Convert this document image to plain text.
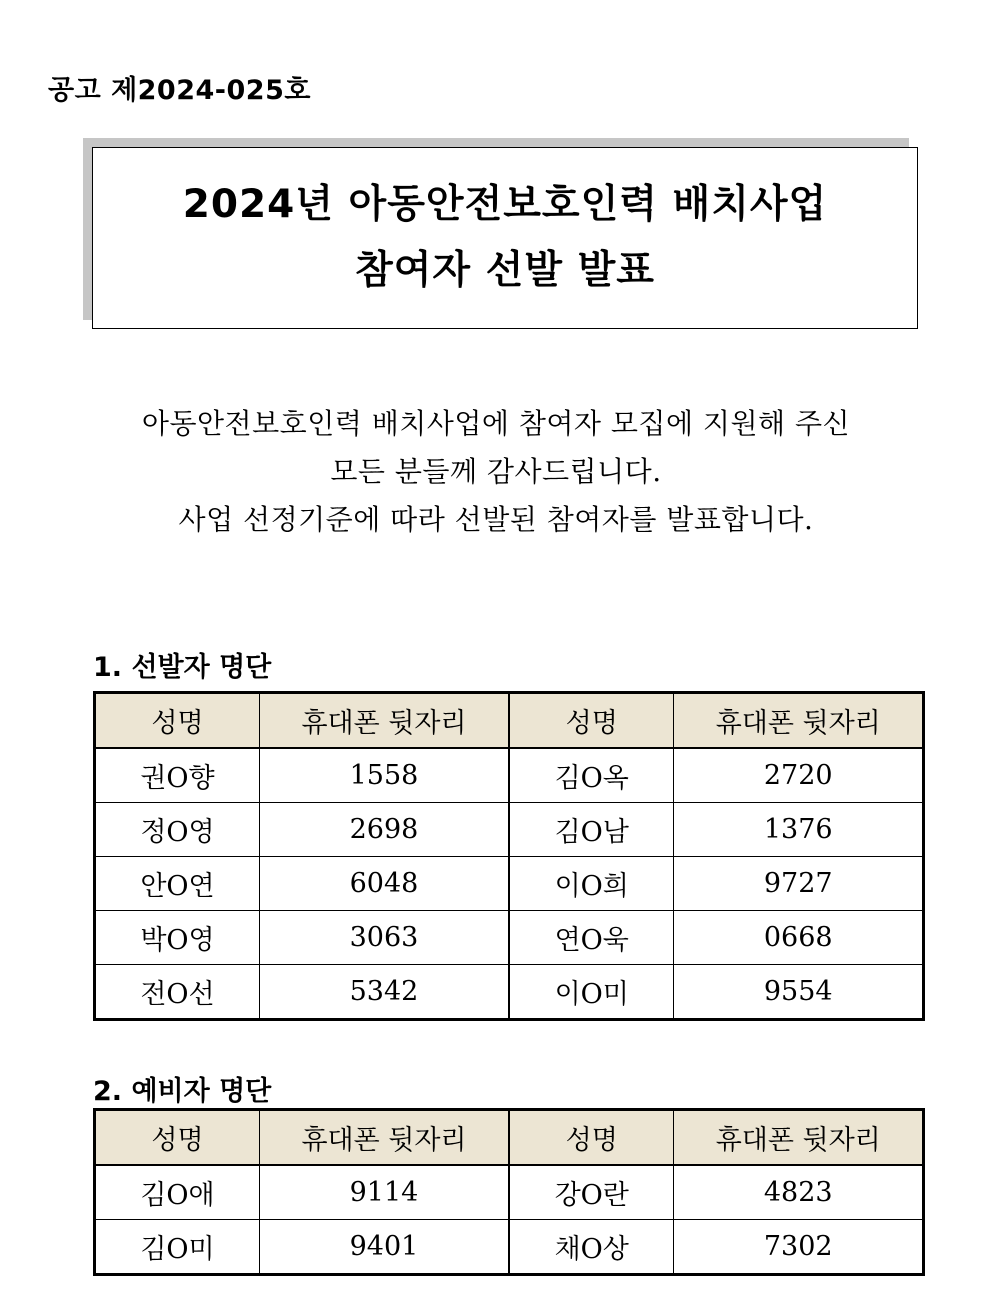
공고 제2024-025호
2024년 아동안전보호인력 배치사업
참여자 선발 발표
아동안전보호인력 배치사업에 참여자 모집에 지원해 주신
모든 분들께 감사드립니다.
사업 선정기준에 따라 선발된 참여자를 발표합니다.
1. 선발자 명단
성명	휴대폰 뒷자리	성명	휴대폰 뒷자리
권O향	1558	김O옥	2720
정O영	2698	김O남	1376
안O연	6048	이O희	9727
박O영	3063	연O욱	0668
전O선	5342	이O미	9554
2. 예비자 명단
성명	휴대폰 뒷자리	성명	휴대폰 뒷자리
김O애	9114	강O란	4823
김O미	9401	채O상	7302
